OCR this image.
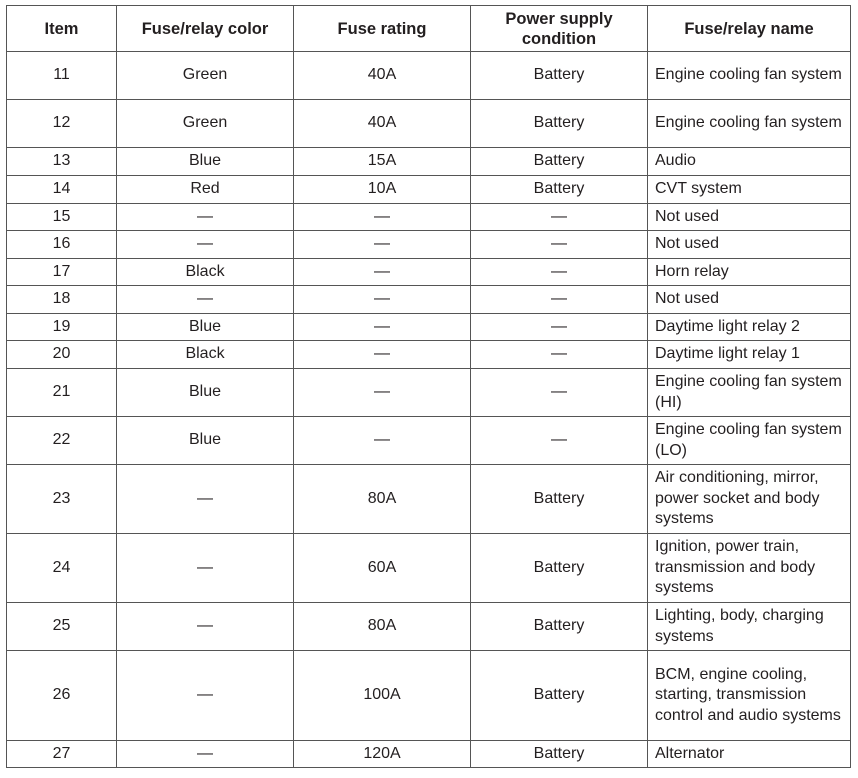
Item	Fuse/relay color	Fuse rating	Power supply condition	Fuse/relay name
11	Green	40A	Battery	Engine cooling fan system
12	Green	40A	Battery	Engine cooling fan system
13	Blue	15A	Battery	Audio
14	Red	10A	Battery	CVT system
15	—	—	—	Not used
16	—	—	—	Not used
17	Black	—	—	Horn relay
18	—	—	—	Not used
19	Blue	—	—	Daytime light relay 2
20	Black	—	—	Daytime light relay 1
21	Blue	—	—	Engine cooling fan system (HI)
22	Blue	—	—	Engine cooling fan system (LO)
23	—	80A	Battery	Air conditioning, mirror, power socket and body systems
24	—	60A	Battery	Ignition, power train, transmission and body systems
25	—	80A	Battery	Lighting, body, charging systems
26	—	100A	Battery	BCM, engine cooling, starting, transmission control and audio systems
27	—	120A	Battery	Alternator
